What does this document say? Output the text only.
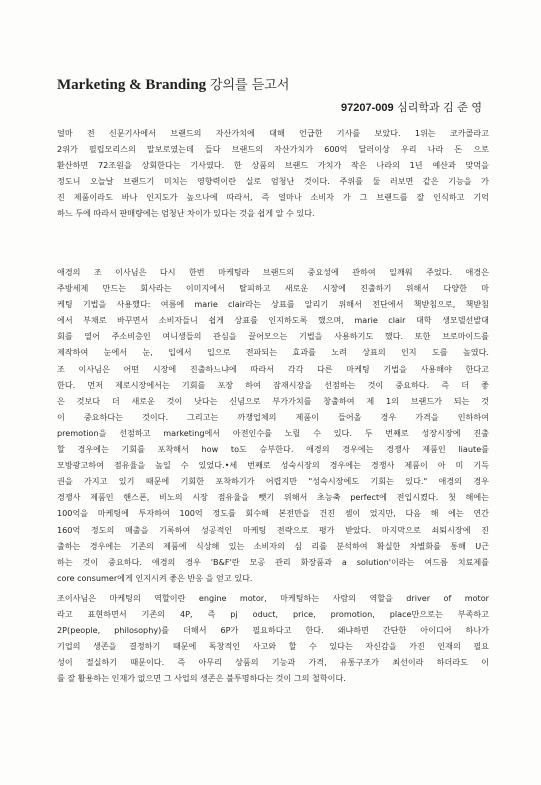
Marketing & Branding 강의를 듣고서
97207-009 심리학과 김 준 영
얼마 전 신문기사에서 브랜드의 자산가치에 대해 언급한 기사를 보았다. 1위는 코카콜라고
2위가 필립모리스의 말보로였는데 들다 브랜드의 자산가치가 600억 달러이상 우리 나라 돈 으로
환산하면 72조원을 상회한다는 기사였다. 한 상품의 브랜드 가치가 작은 나라의 1년 예산과 맞먹을
정도니 오늘날 브랜드기 미치는 영향력이란 실로 엄청난 것이다. 주위를 둘 러보면 같은 기능을 가
진 제품이라도 바나 인지도가 높으나에 따라서, 즉 얼마나 소비자 가 그 브랜드를 잘 인식하고 기억
하느 두에 따라서 판매량에는 엄청난 차이가 있다는 것을 쉽게 알 수 있다.
애경의 조 이사님은 다시 한번 마케팅라 브랜드의 중요성에 관하여 일깨워 주었다. 애경은
주방세제 만드는 회사라는 이미지에서 탈피하고 새로운 시장에 진출하기 위해서 다양한 마
케팅 기법을 사용했다: 여름에 marie clair라는 상표를 알리기 위해서 전단에서 책받침으로, 책받침
에서 부채로 바꾸면서 소비자들니 쉽게 상표를 인지하도록 했으며, marie clair 대학 생모델선발대
회를 열어 주소비층인 여니생들의 관심을 끌어모으는 기법을 사용하기도 했다. 또한 브로마이드를
제작하여 눈에서 눈, 입에서 입으로 전파되는 효과를 노려 상표의 인지 도를 높였다.
조 이사님은 어떤 시장에 진출하느냐에 따라서 각각 다른 마케팅 기법을 사용해야 한다고
한다. 먼저 제로시장에서는 기회를 포장 하여 잠재시장을 선점하는 것이 중요하다. 즉 더 좋
은 것보다 더 새로운 것이 낫다는 신념으로 부가가치를 창출하여 제 1의 브랜드가 되는 것
이 중요하다는 것이다. 그리고는 까쟁업체의 제품이 들어올 경우 가격을 인하하여
premotion을 선점하고 marketing에서 아전인수를 노릴 수 있다. 두 번째로 성장시장에 진출
할 경우에는 기회를 포착해서 how to도 승부한다. 애경의 경우에는 경쟁사 제품인 liaute를
모방광고하여 점유율을 높일 수 있었다.•세 번째로 성숙시장의 경우에는 경쟁사 제품이 아 미 기득
권을 가지고 있기 때문에 기회한 포착하기가 어렵지만 "성숙시장에도 기회는 있다." 애경의 경우
경쟁사 제품인 핸스폰, 비노의 시장 점유율을 뺏기 위해서 초능축 perfect에 전입시켰다. 첫 해에는
100억을 마케팅에 투자하여 100억 정도를 회수해 본전만을 건진 셈이 었지만, 다음 해 에는 연간
160억 정도의 매출을 기록하여 성공적인 마케팅 전략으로 평가 받았다. 마지막으로 쇠퇴시장에 진
출하는 경우에는 기존의 제품에 식상해 있는 소비자의 심 리를 분석하여 확실한 차별화를 통해 U근
하는 것이 중요하다. 애경의 경우 'B&F'란 모공 관리 화장품과 a solution'이라는 여드름 치료제를
core consumer에게 인지시켜 좋은 반응 을 얻고 있다.
조이사님은 마케팅의 역할이란 engine motor, 마케팅하는 사람의 역할을 driver of motor
라고 표현하면서 기존의 4P, 즉 pj oduct, price, promotion, place만으로는 부족하고
2P(people, philosophy)를 더해서 6P가 필요하다고 한다. 왜냐하면 간단한 아이디어 하나가
기업의 생존을 결정하기 때문에 독창적인 사고와 할 수 있다는 자신감을 가진 인재의 필요
성이 절실하기 때문이다. 즉 아무리 상품의 기능과 가격, 유통구조가 최선이라 하더라도 이
를 잘 활용하는 인재가 없으면 그 사업의 생존은 불투명하다는 것이 그의 철학이다.
